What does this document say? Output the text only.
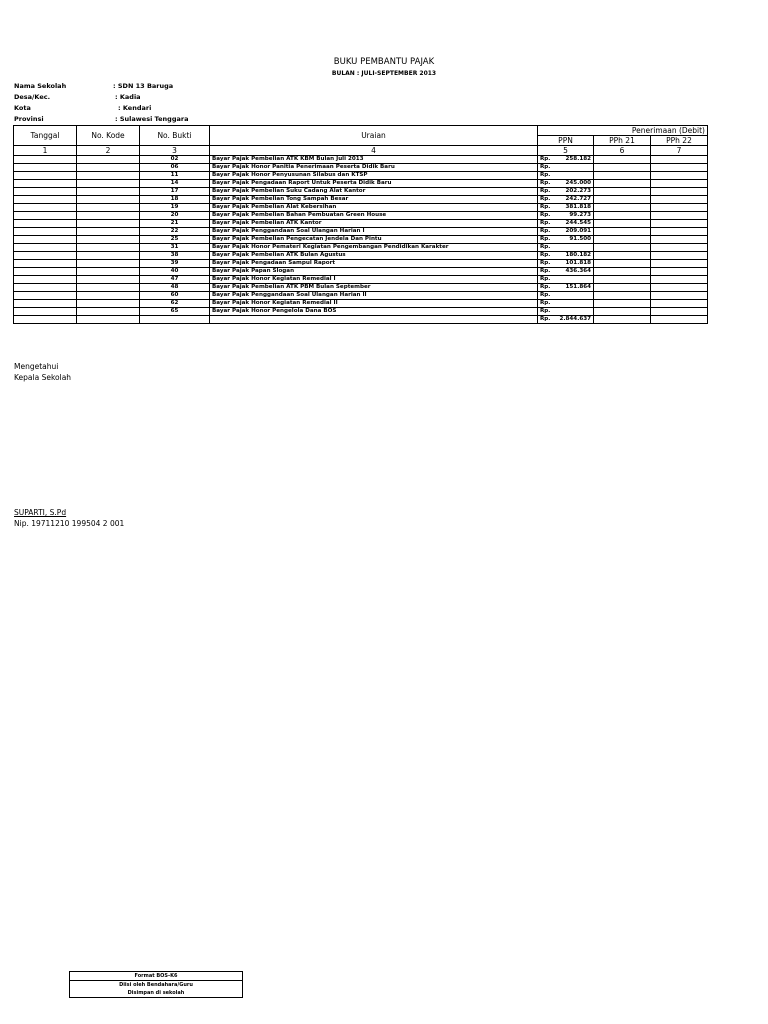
BUKU PEMBANTU PAJAK
BULAN : JULI-SEPTEMBER 2013
Nama Sekolah	: SDN 13 Baruga
Desa/Kec.	: Kadia
Kota	: Kendari
Provinsi	: Sulawesi Tenggara
Tanggal	No. Kode	No. Bukti	Uraian	Penerimaan (Debit)		
				PPN	PPh 21	PPh 22
1	2	3	4	5	6	7
		02	Bayar Pajak Pembelian ATK KBM Bulan Juli 2013	Rp. 258.182		

		06	Bayar Pajak Honor Panitia Penerimaan Peserta Didik Baru	Rp.		

		11	Bayar Pajak Honor Penyusunan Silabus dan KTSP	Rp.		

		14	Bayar Pajak Pengadaan Raport Untuk Peserta Didik Baru	Rp. 245.000		

		17	Bayar Pajak Pembelian Suku Cadang Alat Kantor	Rp. 202.273		

		18	Bayar Pajak Pembelian Tong Sampah Besar	Rp. 242.727		

		19	Bayar Pajak Pembelian Alat Kebersihan	Rp. 381.818		

		20	Bayar Pajak Pembelian Bahan Pembuatan Green House	Rp. 99.273		

		21	Bayar Pajak Pembelian ATK Kantor	Rp. 244.545		

		22	Bayar Pajak Penggandaan Soal Ulangan Harian I	Rp. 209.091		

		25	Bayar Pajak Pembelian Pengecatan Jendela Dan Pintu	Rp. 91.500		

		31	Bayar Pajak Honor Pemateri Kegiatan Pengembangan Pendidikan Karakter	Rp.		

		38	Bayar Pajak Pembelian ATK Bulan Agustus	Rp. 180.182		

		39	Bayar Pajak Pengadaan Sampul Raport	Rp. 101.818		

		40	Bayar Pajak Papan Slogan	Rp. 436.364		

		47	Bayar Pajak Honor Kegiatan Remedial I	Rp.		

		48	Bayar Pajak Pembelian ATK PBM Bulan September	Rp. 151.864		

		60	Bayar Pajak Penggandaan Soal Ulangan Harian II	Rp.		

		62	Bayar Pajak Honor Kegiatan Remedial II	Rp.		

		65	Bayar Pajak Honor Pengelola Dana BOS	Rp.		

				Rp. 2.844.637		

Mengetahui
Kepala Sekolah
SUPARTI, S.Pd
Nip. 19711210 199504 2 001
Format BOS-K6
Diisi oleh Bendahara/Guru
Disimpan di sekolah
